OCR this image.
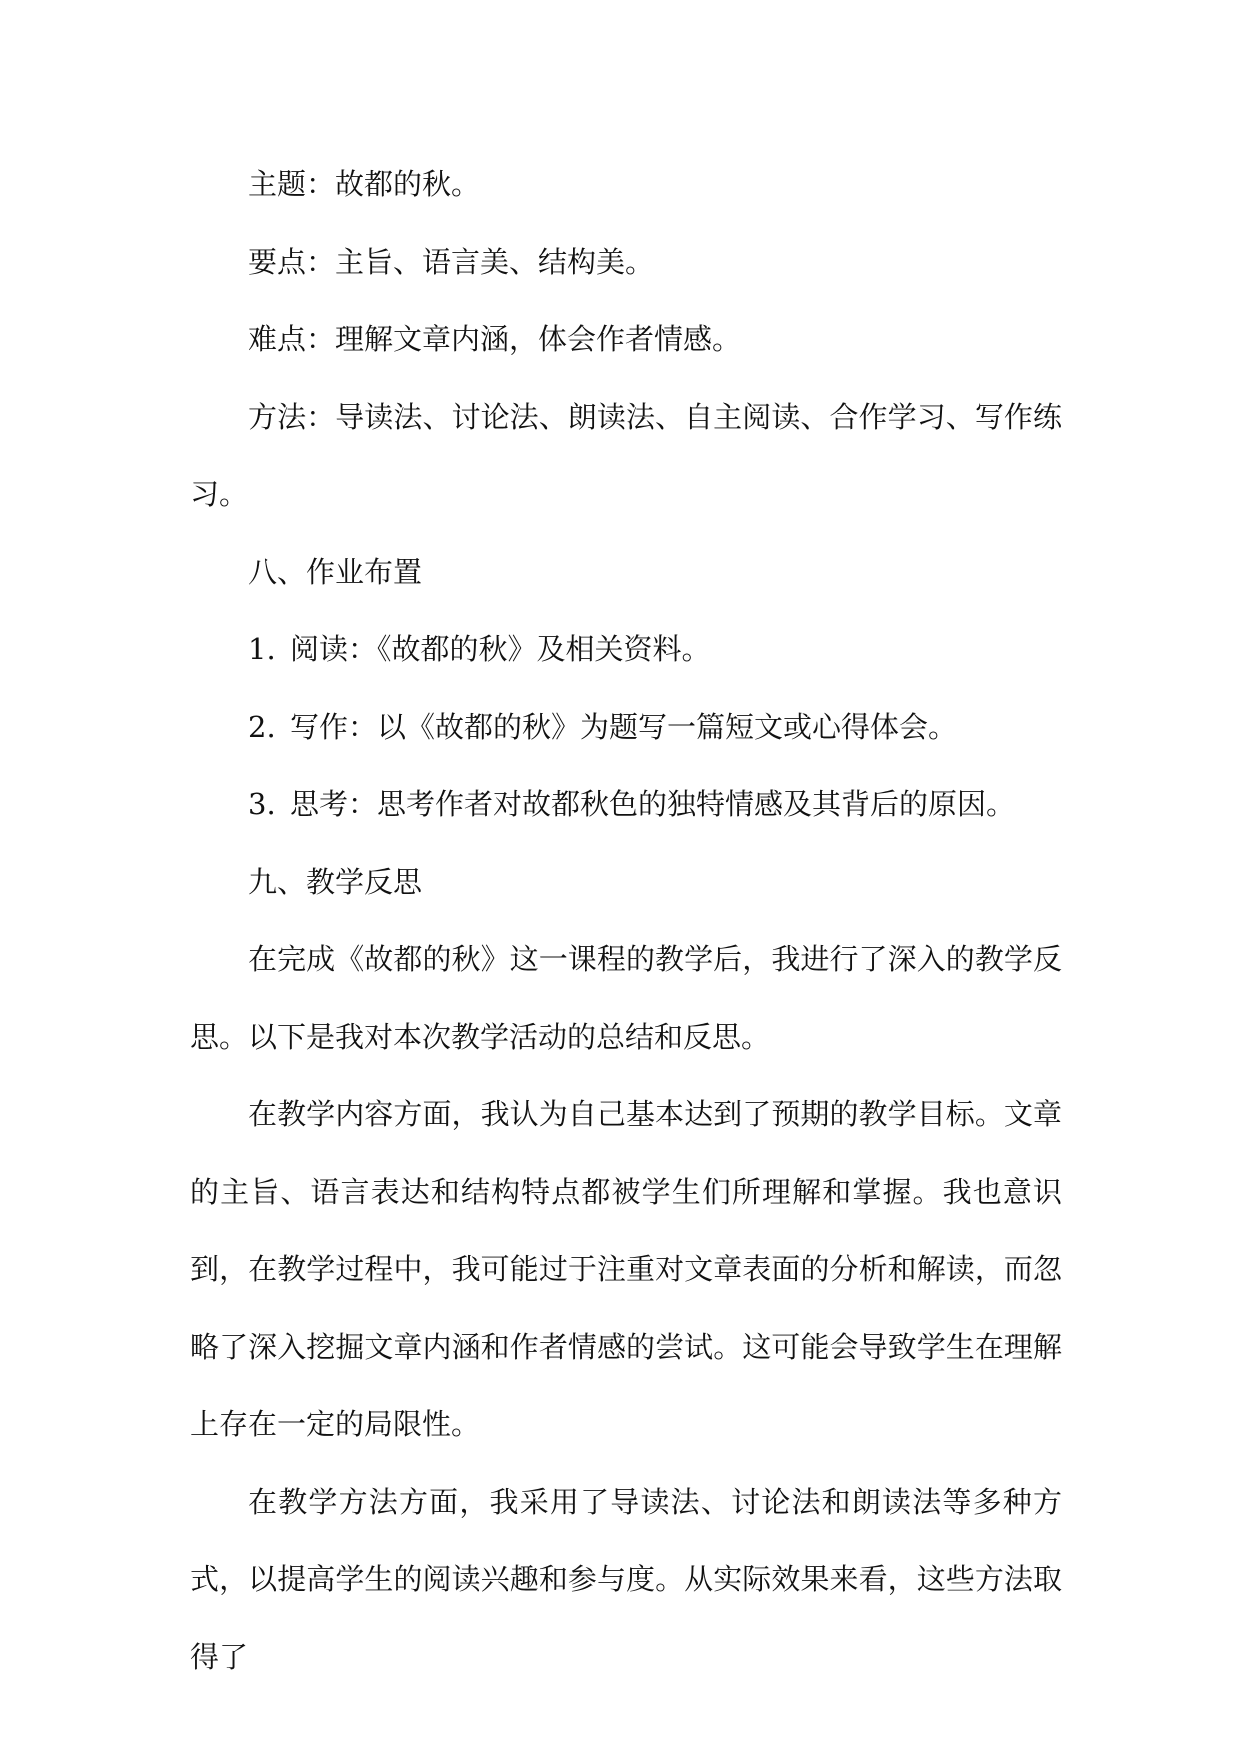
主题：故都的秋。

要点：主旨、语言美、结构美。

难点：理解文章内涵，体会作者情感。

方法：导读法、讨论法、朗读法、自主阅读、合作学习、写作练习。

八、作业布置

1. 阅读：《故都的秋》及相关资料。

2. 写作：以《故都的秋》为题写一篇短文或心得体会。

3. 思考：思考作者对故都秋色的独特情感及其背后的原因。

九、教学反思

在完成《故都的秋》这一课程的教学后，我进行了深入的教学反思。以下是我对本次教学活动的总结和反思。

在教学内容方面，我认为自己基本达到了预期的教学目标。文章的主旨、语言表达和结构特点都被学生们所理解和掌握。我也意识到，在教学过程中，我可能过于注重对文章表面的分析和解读，而忽略了深入挖掘文章内涵和作者情感的尝试。这可能会导致学生在理解上存在一定的局限性。

在教学方法方面，我采用了导读法、讨论法和朗读法等多种方式，以提高学生的阅读兴趣和参与度。从实际效果来看，这些方法取得了
